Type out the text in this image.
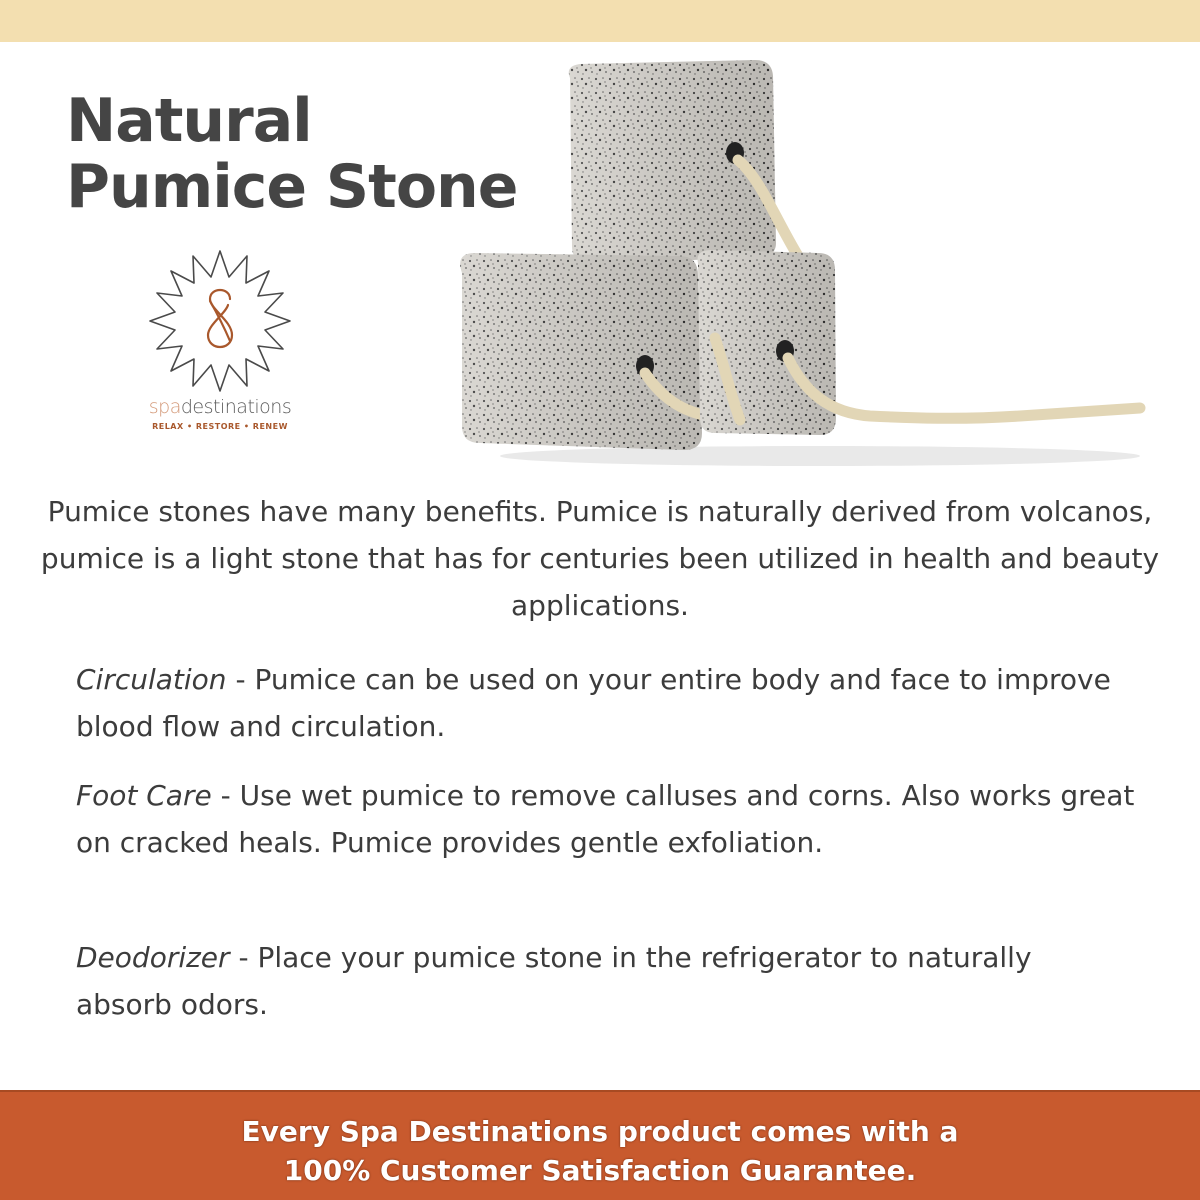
Natural
Pumice Stone
spadestinations
RELAX • RESTORE • RENEW

Pumice stones have many benefits. Pumice is naturally derived from volcanos, pumice is a light stone that has for centuries been utilized in health and beauty applications.

Circulation - Pumice can be used on your entire body and face to improve blood flow and circulation.

Foot Care - Use wet pumice to remove calluses and corns. Also works great on cracked heals. Pumice provides gentle exfoliation.

Deodorizer - Place your pumice stone in the refrigerator to naturally absorb odors.

Every Spa Destinations product comes with a

100% Customer Satisfaction Guarantee.
